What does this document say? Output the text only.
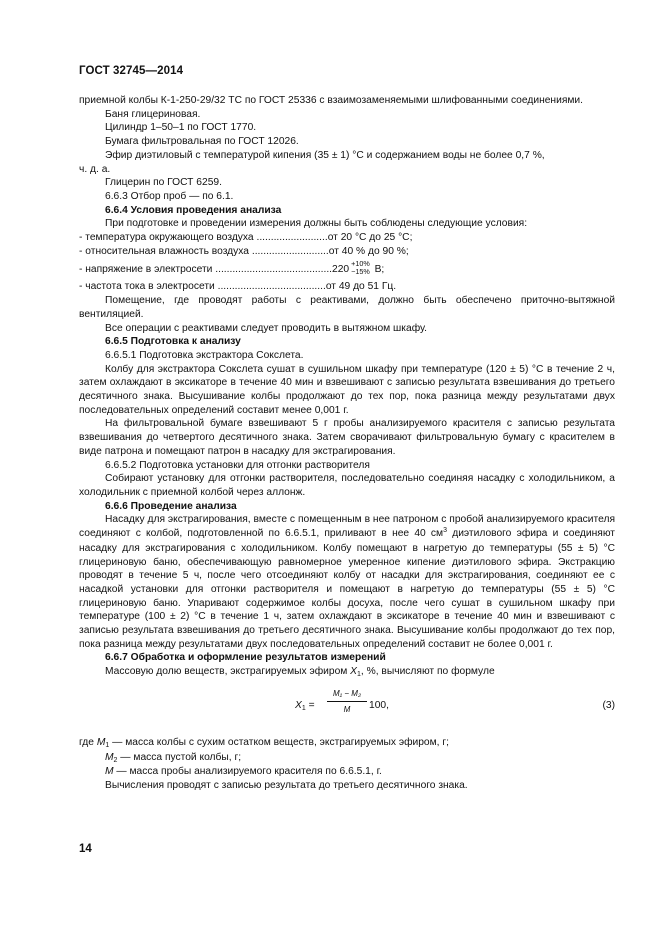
ГОСТ 32745—2014

приемной колбы К-1-250-29/32 ТС по ГОСТ 25336 с взаимозаменяемыми шлифованными соединениями.

Баня глицериновая.

Цилиндр 1–50–1 по ГОСТ 1770.

Бумага фильтровальная по ГОСТ 12026.

Эфир диэтиловый с температурой кипения (35 ± 1) °С и содержанием воды не более 0,7 %,

ч. д. а.

Глицерин по ГОСТ 6259.

6.6.3 Отбор проб — по 6.1.

6.6.4 Условия проведения анализа

При подготовке и проведении измерения должны быть соблюдены следующие условия:

- температура окружающего воздуха ......................... от 20 °С до 25 °С;
- относительная влажность воздуха ........................... от 40 % до 90 %;
- напряжение в электросети ......................................... 220 +10%
−15% В;
- частота тока в электросети ...................................... от 49 до 51 Гц.

Помещение, где проводят работы с реактивами, должно быть обеспечено приточно-вытяжной вентиляцией.

Все операции с реактивами следует проводить в вытяжном шкафу.

6.6.5 Подготовка к анализу

6.6.5.1 Подготовка экстрактора Сокслета.

Колбу для экстрактора Сокслета сушат в сушильном шкафу при температуре (120 ± 5) °С в течение 2 ч, затем охлаждают в эксикаторе в течение 40 мин и взвешивают с записью результата взвешивания до третьего десятичного знака. Высушивание колбы продолжают до тех пор, пока разница между результатами двух последовательных определений составит менее 0,001 г.

На фильтровальной бумаге взвешивают 5 г пробы анализируемого красителя с записью результата взвешивания до четвертого десятичного знака. Затем сворачивают фильтровальную бумагу с красителем в виде патрона и помещают патрон в насадку для экстрагирования.

6.6.5.2 Подготовка установки для отгонки растворителя

Собирают установку для отгонки растворителя, последовательно соединяя насадку с холодильником, а холодильник с приемной колбой через аллонж.

6.6.6 Проведение анализа

Насадку для экстрагирования, вместе с помещенным в нее патроном с пробой анализируемого красителя соединяют с колбой, подготовленной по 6.6.5.1, приливают в нее 40 $см^3$ диэтилового эфира и соединяют насадку для экстрагирования с холодильником. Колбу помещают в нагретую до температуры (55 ± 5) °С глицериновую баню, обеспечивающую равномерное умеренное кипение диэтилового эфира. Экстракцию проводят в течение 5 ч, после чего отсоединяют колбу от насадки для экстрагирования, соединяют ее с насадкой установки для отгонки растворителя и помещают в нагретую до температуры (55 ± 5) °С глицериновую баню. Упаривают содержимое колбы досуха, после чего сушат в сушильном шкафу при температуре (100 ± 2) °С в течение 1 ч, затем охлаждают в эксикаторе в течение 40 мин и взвешивают с записью результата взвешивания до третьего десятичного знака. Высушивание колбы продолжают до тех пор, пока разница между результатами двух последовательных определений составит не более 0,001 г.

6.6.7 Обработка и оформление результатов измерений

Массовую долю веществ, экстрагируемых эфиром X1, %, вычисляют по формуле

X1 =
M₁ − M₂
M	100,	(3)

где M1 — масса колбы с сухим остатком веществ, экстрагируемых эфиром, г;

M2 — масса пустой колбы, г;

M — масса пробы анализируемого красителя по 6.6.5.1, г.

Вычисления проводят с записью результата до третьего десятичного знака.

14
